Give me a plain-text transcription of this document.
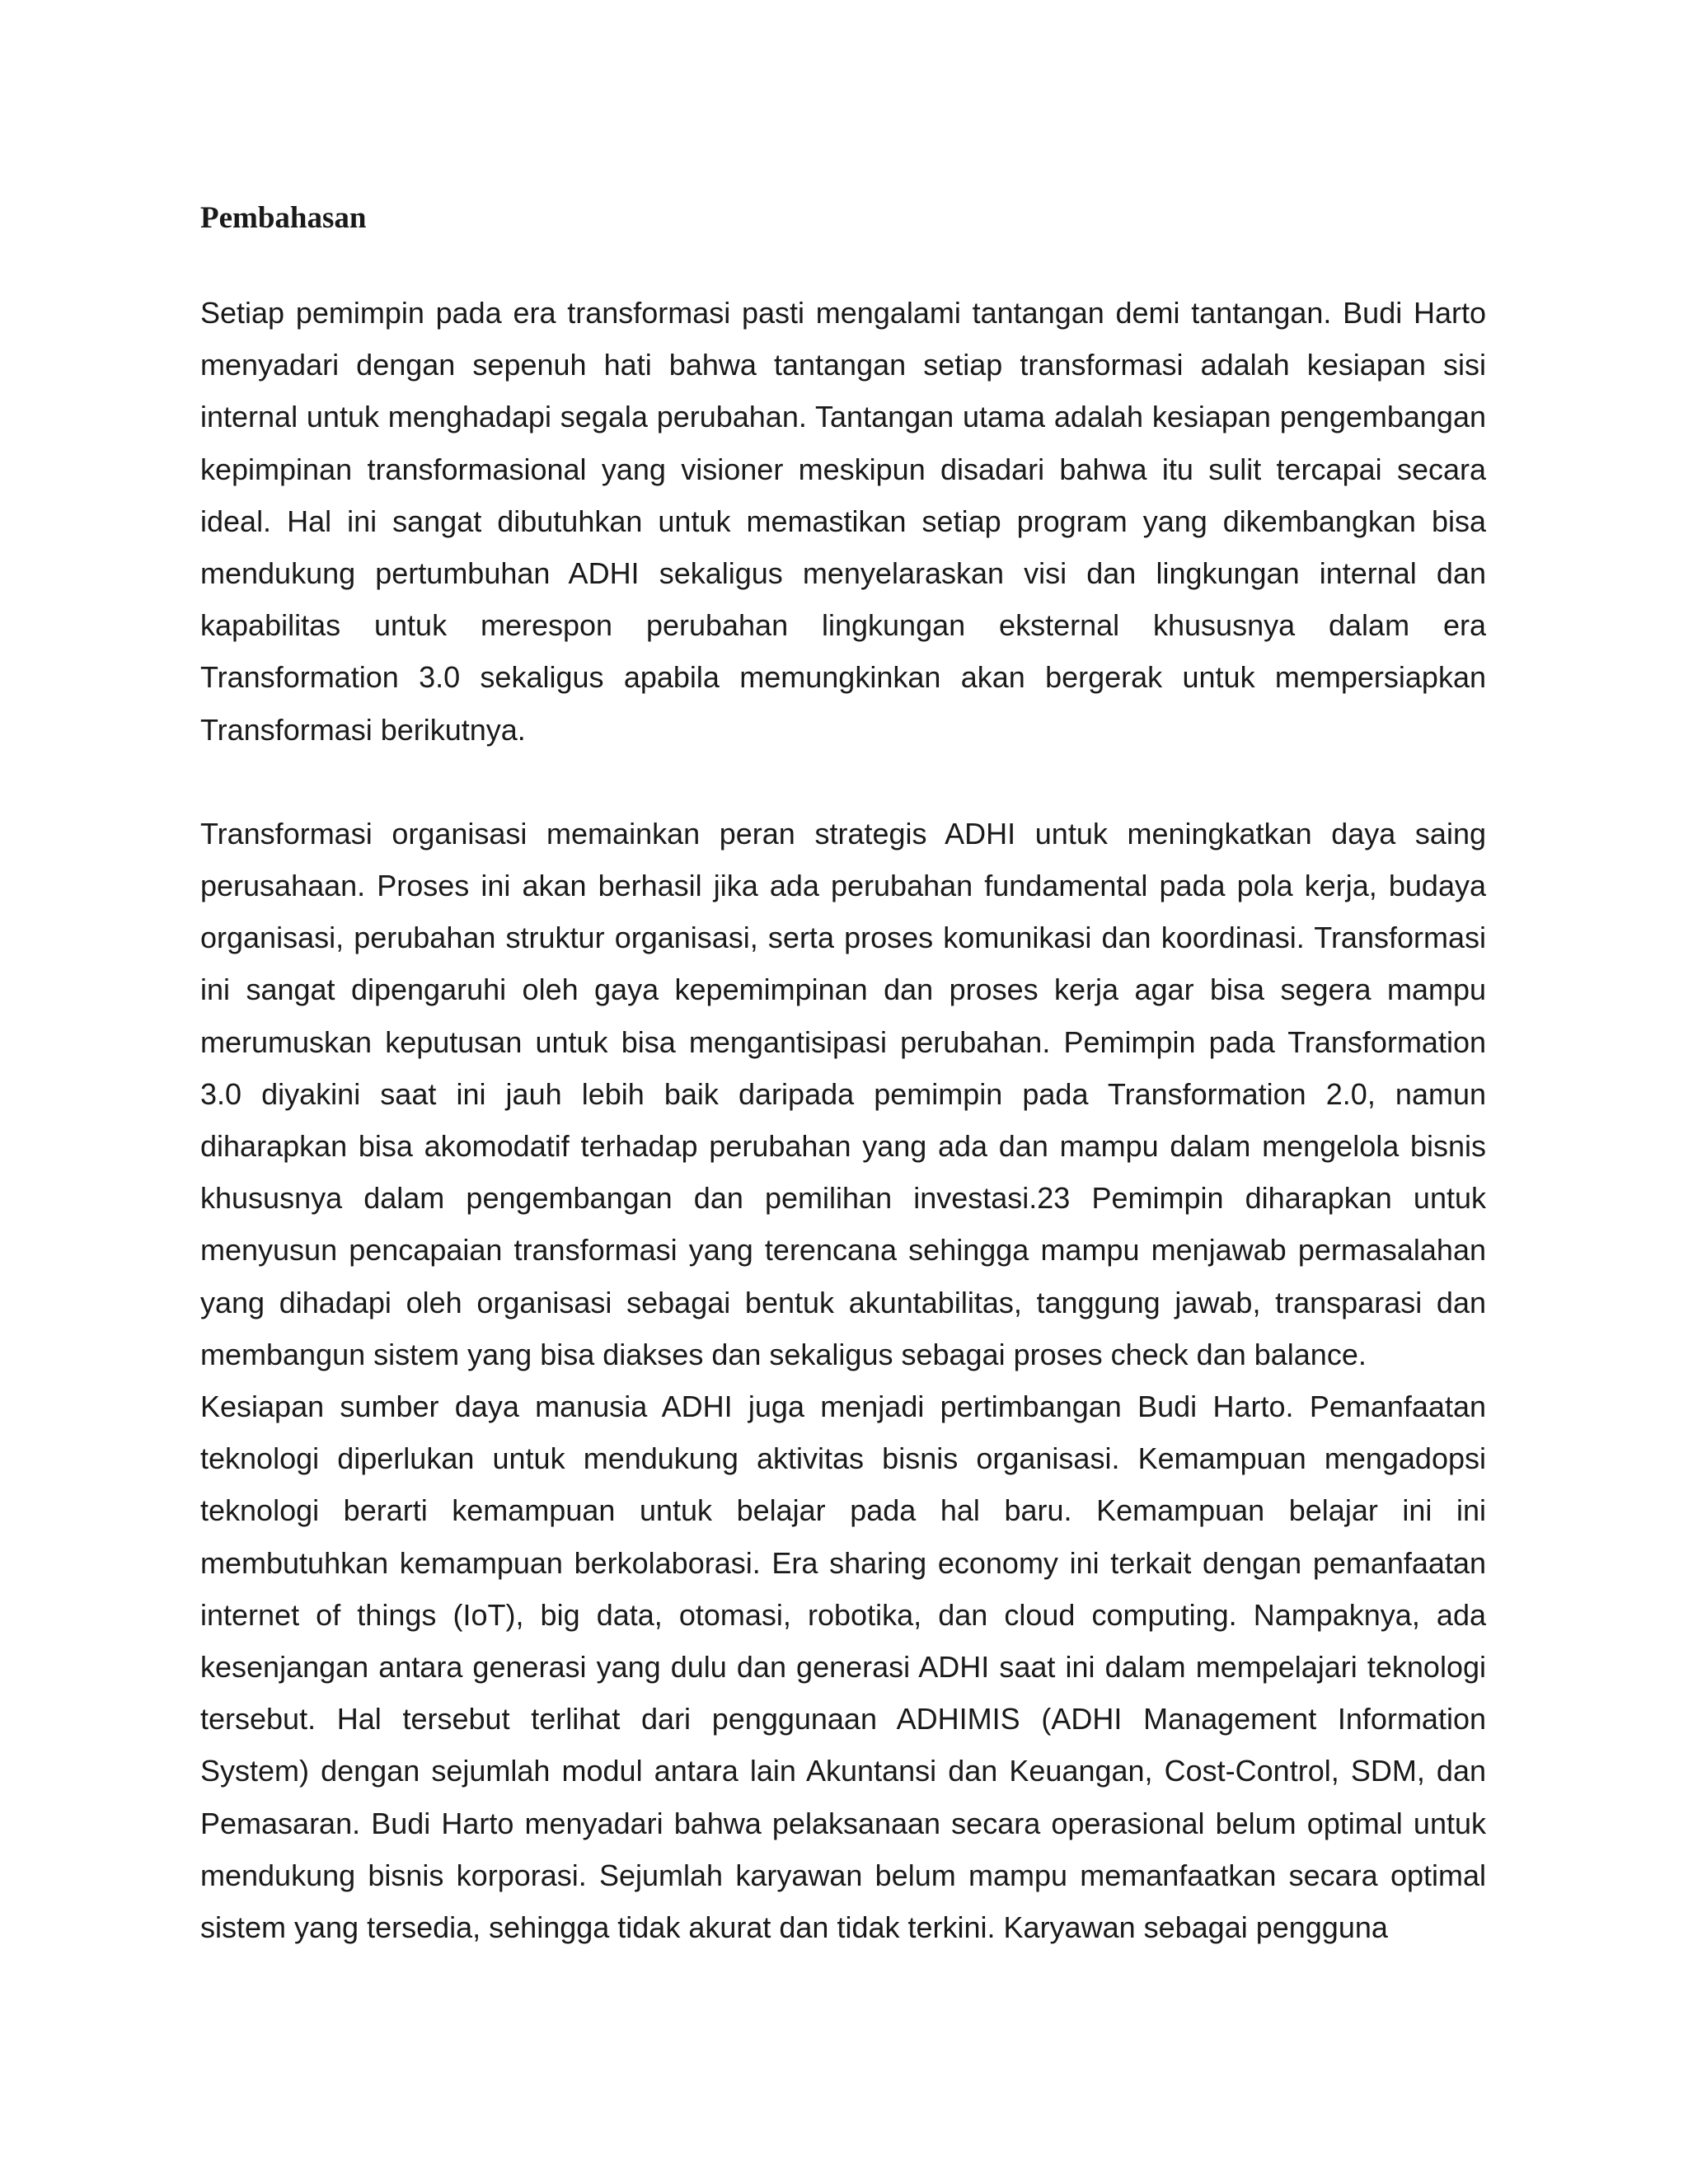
Pembahasan

Setiap pemimpin pada era transformasi pasti mengalami tantangan demi tantangan. Budi Harto menyadari dengan sepenuh hati bahwa tantangan setiap transformasi adalah kesiapan sisi internal untuk menghadapi segala perubahan. Tantangan utama adalah kesiapan pengembangan kepimpinan transformasional yang visioner meskipun disadari bahwa itu sulit tercapai secara ideal. Hal ini sangat dibutuhkan untuk memastikan setiap program yang dikembangkan bisa mendukung pertumbuhan ADHI sekaligus menyelaraskan visi dan lingkungan internal dan kapabilitas untuk merespon perubahan lingkungan eksternal khususnya dalam era Transformation 3.0 sekaligus apabila memungkinkan akan bergerak untuk mempersiapkan Transformasi berikutnya.

Transformasi organisasi memainkan peran strategis ADHI untuk meningkatkan daya saing perusahaan. Proses ini akan berhasil jika ada perubahan fundamental pada pola kerja, budaya organisasi, perubahan struktur organisasi, serta proses komunikasi dan koordinasi. Transformasi ini sangat dipengaruhi oleh gaya kepemimpinan dan proses kerja agar bisa segera mampu merumuskan keputusan untuk bisa mengantisipasi perubahan. Pemimpin pada Transformation 3.0 diyakini saat ini jauh lebih baik daripada pemimpin pada Transformation 2.0, namun diharapkan bisa akomodatif terhadap perubahan yang ada dan mampu dalam mengelola bisnis khususnya dalam pengembangan dan pemilihan investasi.23 Pemimpin diharapkan untuk menyusun pencapaian transformasi yang terencana sehingga mampu menjawab permasalahan yang dihadapi oleh organisasi sebagai bentuk akuntabilitas, tanggung jawab, transparasi dan membangun sistem yang bisa diakses dan sekaligus sebagai proses check dan balance.

Kesiapan sumber daya manusia ADHI juga menjadi pertimbangan Budi Harto. Pemanfaatan teknologi diperlukan untuk mendukung aktivitas bisnis organisasi. Kemampuan mengadopsi teknologi berarti kemampuan untuk belajar pada hal baru. Kemampuan belajar ini ini membutuhkan kemampuan berkolaborasi. Era sharing economy ini terkait dengan pemanfaatan internet of things (IoT), big data, otomasi, robotika, dan cloud computing. Nampaknya, ada kesenjangan antara generasi yang dulu dan generasi ADHI saat ini dalam mempelajari teknologi tersebut. Hal tersebut terlihat dari penggunaan ADHIMIS (ADHI Management Information System) dengan sejumlah modul antara lain Akuntansi dan Keuangan, Cost-Control, SDM, dan Pemasaran. Budi Harto menyadari bahwa pelaksanaan secara operasional belum optimal untuk mendukung bisnis korporasi. Sejumlah karyawan belum mampu memanfaatkan secara optimal sistem yang tersedia, sehingga tidak akurat dan tidak terkini. Karyawan sebagai pengguna
